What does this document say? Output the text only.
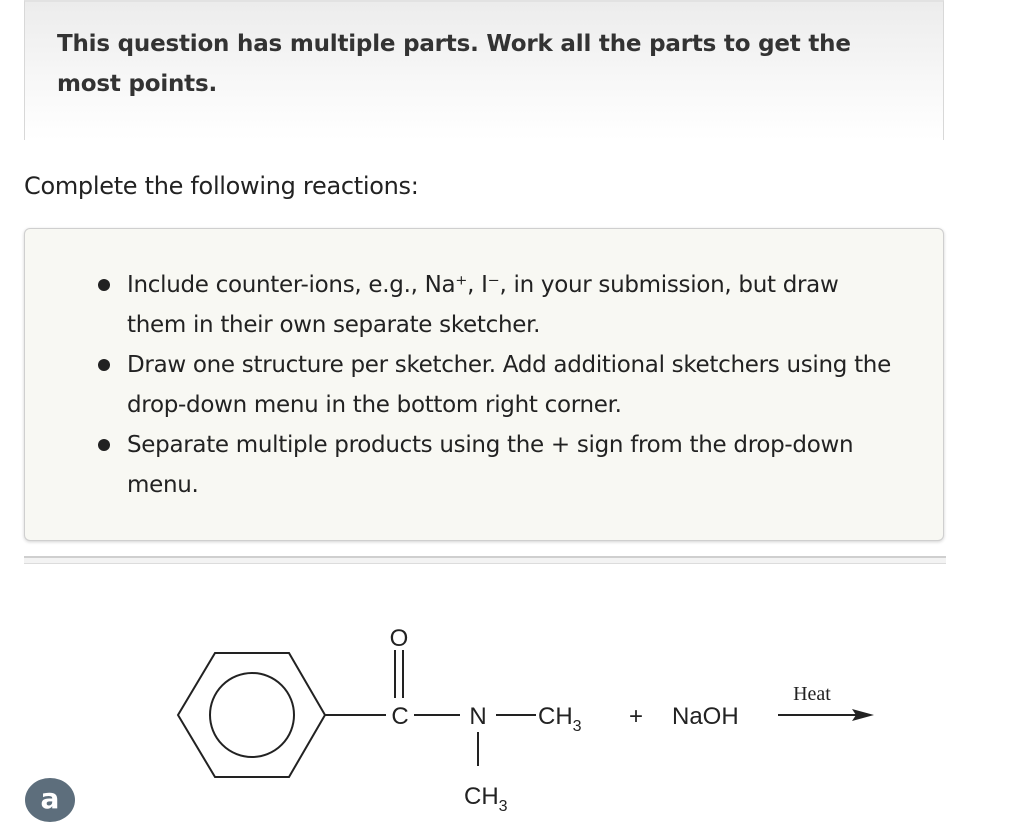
This question has multiple parts. Work all the parts to get the most points.
Complete the following reactions:
Include counter-ions, e.g., Na⁺, I⁻, in your submission, but draw them in their own separate sketcher.
Draw one structure per sketcher. Add additional sketchers using the drop-down menu in the bottom right corner.
Separate multiple products using the + sign from the drop-down menu.
O
C	N $CH_3$
$CH_3$
+ NaOH
Heat
a
